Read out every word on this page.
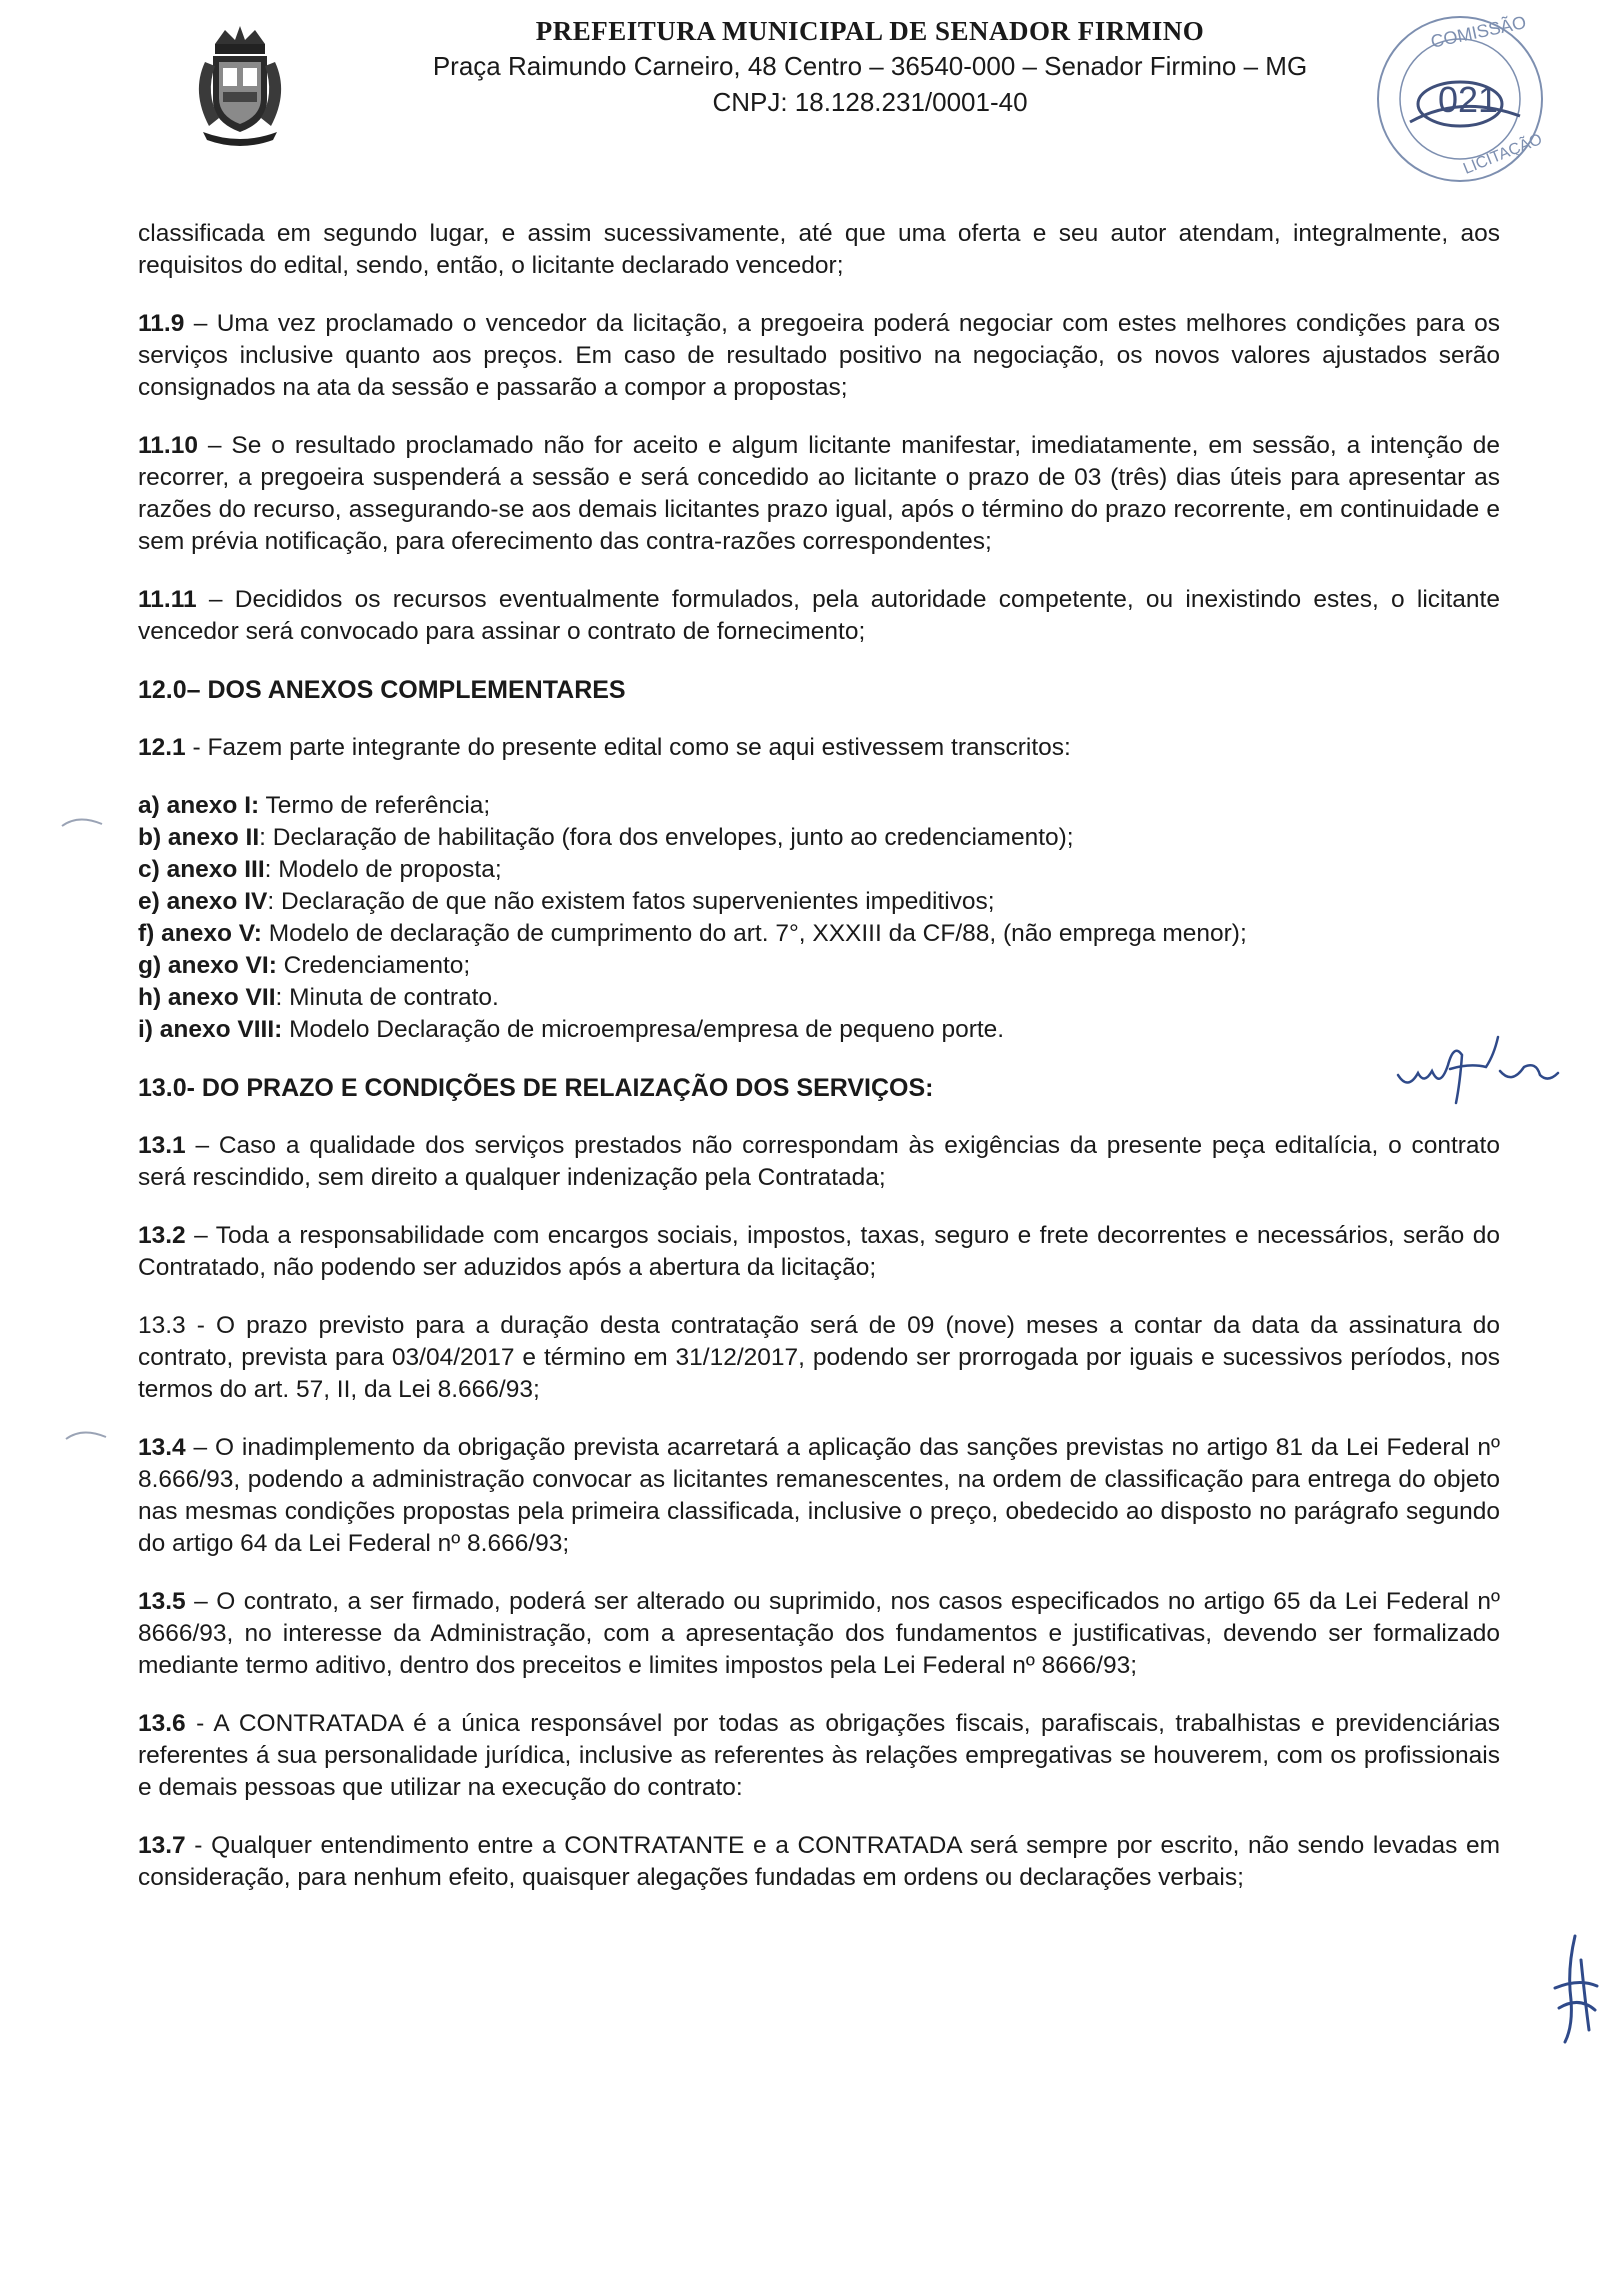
PREFEITURA MUNICIPAL DE SENADOR FIRMINO
Praça Raimundo Carneiro, 48 Centro – 36540-000 – Senador Firmino – MG
CNPJ: 18.128.231/0001-40
COMISSÃO
021
LICITAÇÃO

classificada em segundo lugar, e assim sucessivamente, até que uma oferta e seu autor atendam, integralmente, aos requisitos do edital, sendo, então, o licitante declarado vencedor;

11.9 – Uma vez proclamado o vencedor da licitação, a pregoeira poderá negociar com estes melhores condições para os serviços inclusive quanto aos preços. Em caso de resultado positivo na negociação, os novos valores ajustados serão consignados na ata da sessão e passarão a compor a propostas;

11.10 – Se o resultado proclamado não for aceito e algum licitante manifestar, imediatamente, em sessão, a intenção de recorrer, a pregoeira suspenderá a sessão e será concedido ao licitante o prazo de 03 (três) dias úteis para apresentar as razões do recurso, assegurando-se aos demais licitantes prazo igual, após o término do prazo recorrente, em continuidade e sem prévia notificação, para oferecimento das contra-razões correspondentes;

11.11 – Decididos os recursos eventualmente formulados, pela autoridade competente, ou inexistindo estes, o licitante vencedor será convocado para assinar o contrato de fornecimento;

12.0– DOS ANEXOS COMPLEMENTARES

12.1 - Fazem parte integrante do presente edital como se aqui estivessem transcritos:

a) anexo I: Termo de referência;
b) anexo II: Declaração de habilitação (fora dos envelopes, junto ao credenciamento);
c) anexo III: Modelo de proposta;
e) anexo IV: Declaração de que não existem fatos supervenientes impeditivos;
f) anexo V: Modelo de declaração de cumprimento do art. 7°, XXXIII da CF/88, (não emprega menor);
g) anexo VI: Credenciamento;
h) anexo VII: Minuta de contrato.
i) anexo VIII: Modelo Declaração de microempresa/empresa de pequeno porte.
13.0- DO PRAZO E CONDIÇÕES DE RELAIZAÇÃO DOS SERVIÇOS:

13.1 – Caso a qualidade dos serviços prestados não correspondam às exigências da presente peça editalícia, o contrato será rescindido, sem direito a qualquer indenização pela Contratada;

13.2 – Toda a responsabilidade com encargos sociais, impostos, taxas, seguro e frete decorrentes e necessários, serão do Contratado, não podendo ser aduzidos após a abertura da licitação;

13.3 - O prazo previsto para a duração desta contratação será de 09 (nove) meses a contar da data da assinatura do contrato, prevista para 03/04/2017 e término em 31/12/2017, podendo ser prorrogada por iguais e sucessivos períodos, nos termos do art. 57, II, da Lei 8.666/93;

13.4 – O inadimplemento da obrigação prevista acarretará a aplicação das sanções previstas no artigo 81 da Lei Federal nº 8.666/93, podendo a administração convocar as licitantes remanescentes, na ordem de classificação para entrega do objeto nas mesmas condições propostas pela primeira classificada, inclusive o preço, obedecido ao disposto no parágrafo segundo do artigo 64 da Lei Federal nº 8.666/93;

13.5 – O contrato, a ser firmado, poderá ser alterado ou suprimido, nos casos especificados no artigo 65 da Lei Federal nº 8666/93, no interesse da Administração, com a apresentação dos fundamentos e justificativas, devendo ser formalizado mediante termo aditivo, dentro dos preceitos e limites impostos pela Lei Federal nº 8666/93;

13.6 - A CONTRATADA é a única responsável por todas as obrigações fiscais, parafiscais, trabalhistas e previdenciárias referentes á sua personalidade jurídica, inclusive as referentes às relações empregativas se houverem, com os profissionais e demais pessoas que utilizar na execução do contrato:

13.7 - Qualquer entendimento entre a CONTRATANTE e a CONTRATADA será sempre por escrito, não sendo levadas em consideração, para nenhum efeito, quaisquer alegações fundadas em ordens ou declarações verbais;
